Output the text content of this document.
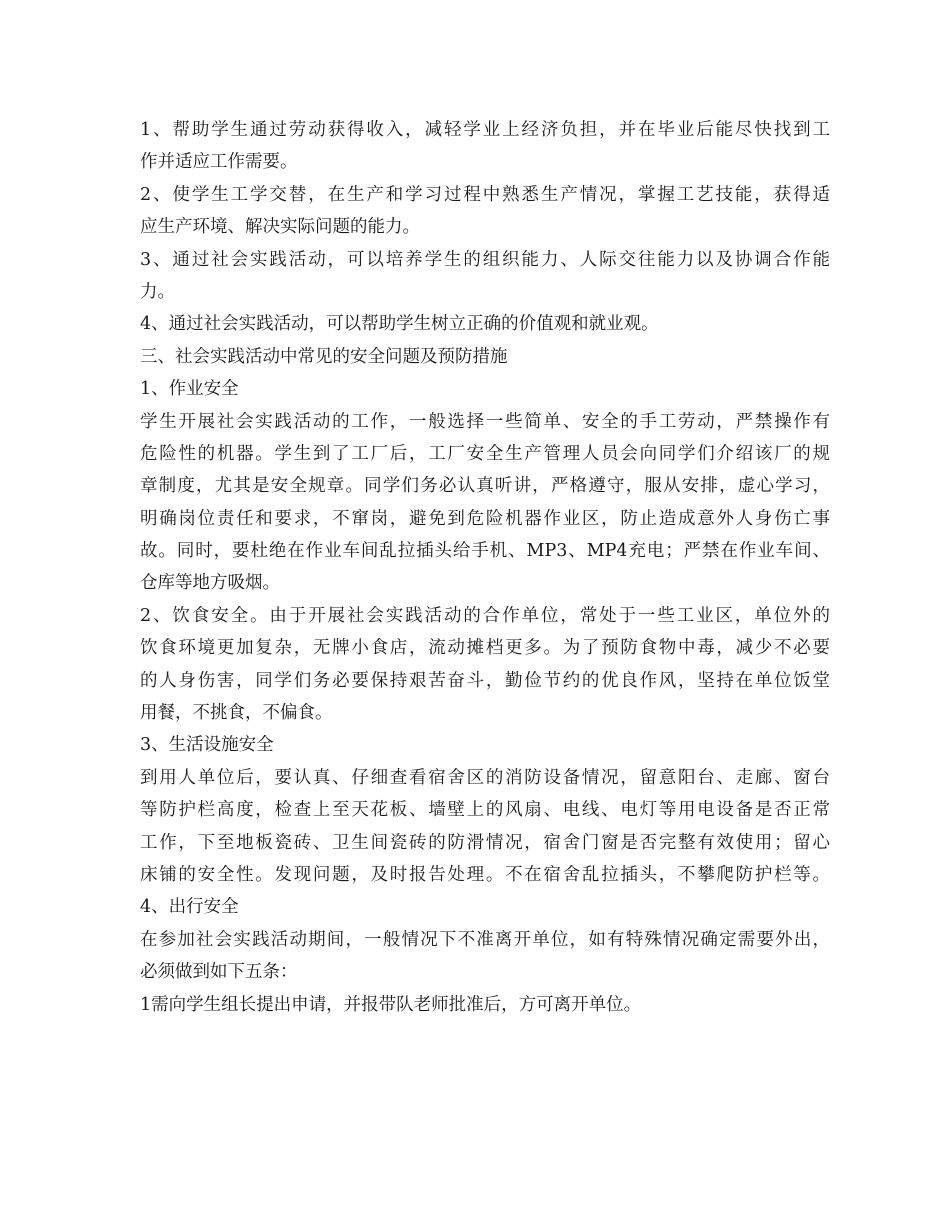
1、帮助学生通过劳动获得收入，减轻学业上经济负担，并在毕业后能尽快找到工
作并适应工作需要。
2、使学生工学交替，在生产和学习过程中熟悉生产情况，掌握工艺技能，获得适
应生产环境、解决实际问题的能力。
3、通过社会实践活动，可以培养学生的组织能力、人际交往能力以及协调合作能
力。
4、通过社会实践活动，可以帮助学生树立正确的价值观和就业观。
三、社会实践活动中常见的安全问题及预防措施
1、作业安全
学生开展社会实践活动的工作，一般选择一些简单、安全的手工劳动，严禁操作有
危险性的机器。学生到了工厂后，工厂安全生产管理人员会向同学们介绍该厂的规
章制度，尤其是安全规章。同学们务必认真听讲，严格遵守，服从安排，虚心学习，
明确岗位责任和要求，不窜岗，避免到危险机器作业区，防止造成意外人身伤亡事
故。同时，要杜绝在作业车间乱拉插头给手机、MP3、MP4充电；严禁在作业车间、
仓库等地方吸烟。
2、饮食安全。由于开展社会实践活动的合作单位，常处于一些工业区，单位外的
饮食环境更加复杂，无牌小食店，流动摊档更多。为了预防食物中毒，减少不必要
的人身伤害，同学们务必要保持艰苦奋斗，勤俭节约的优良作风，坚持在单位饭堂
用餐，不挑食，不偏食。
3、生活设施安全
到用人单位后，要认真、仔细查看宿舍区的消防设备情况，留意阳台、走廊、窗台
等防护栏高度，检查上至天花板、墙壁上的风扇、电线、电灯等用电设备是否正常
工作，下至地板瓷砖、卫生间瓷砖的防滑情况，宿舍门窗是否完整有效使用；留心
床铺的安全性。发现问题，及时报告处理。不在宿舍乱拉插头，不攀爬防护栏等。
4、出行安全
在参加社会实践活动期间，一般情况下不准离开单位，如有特殊情况确定需要外出，
必须做到如下五条：
1需向学生组长提出申请，并报带队老师批准后，方可离开单位。
